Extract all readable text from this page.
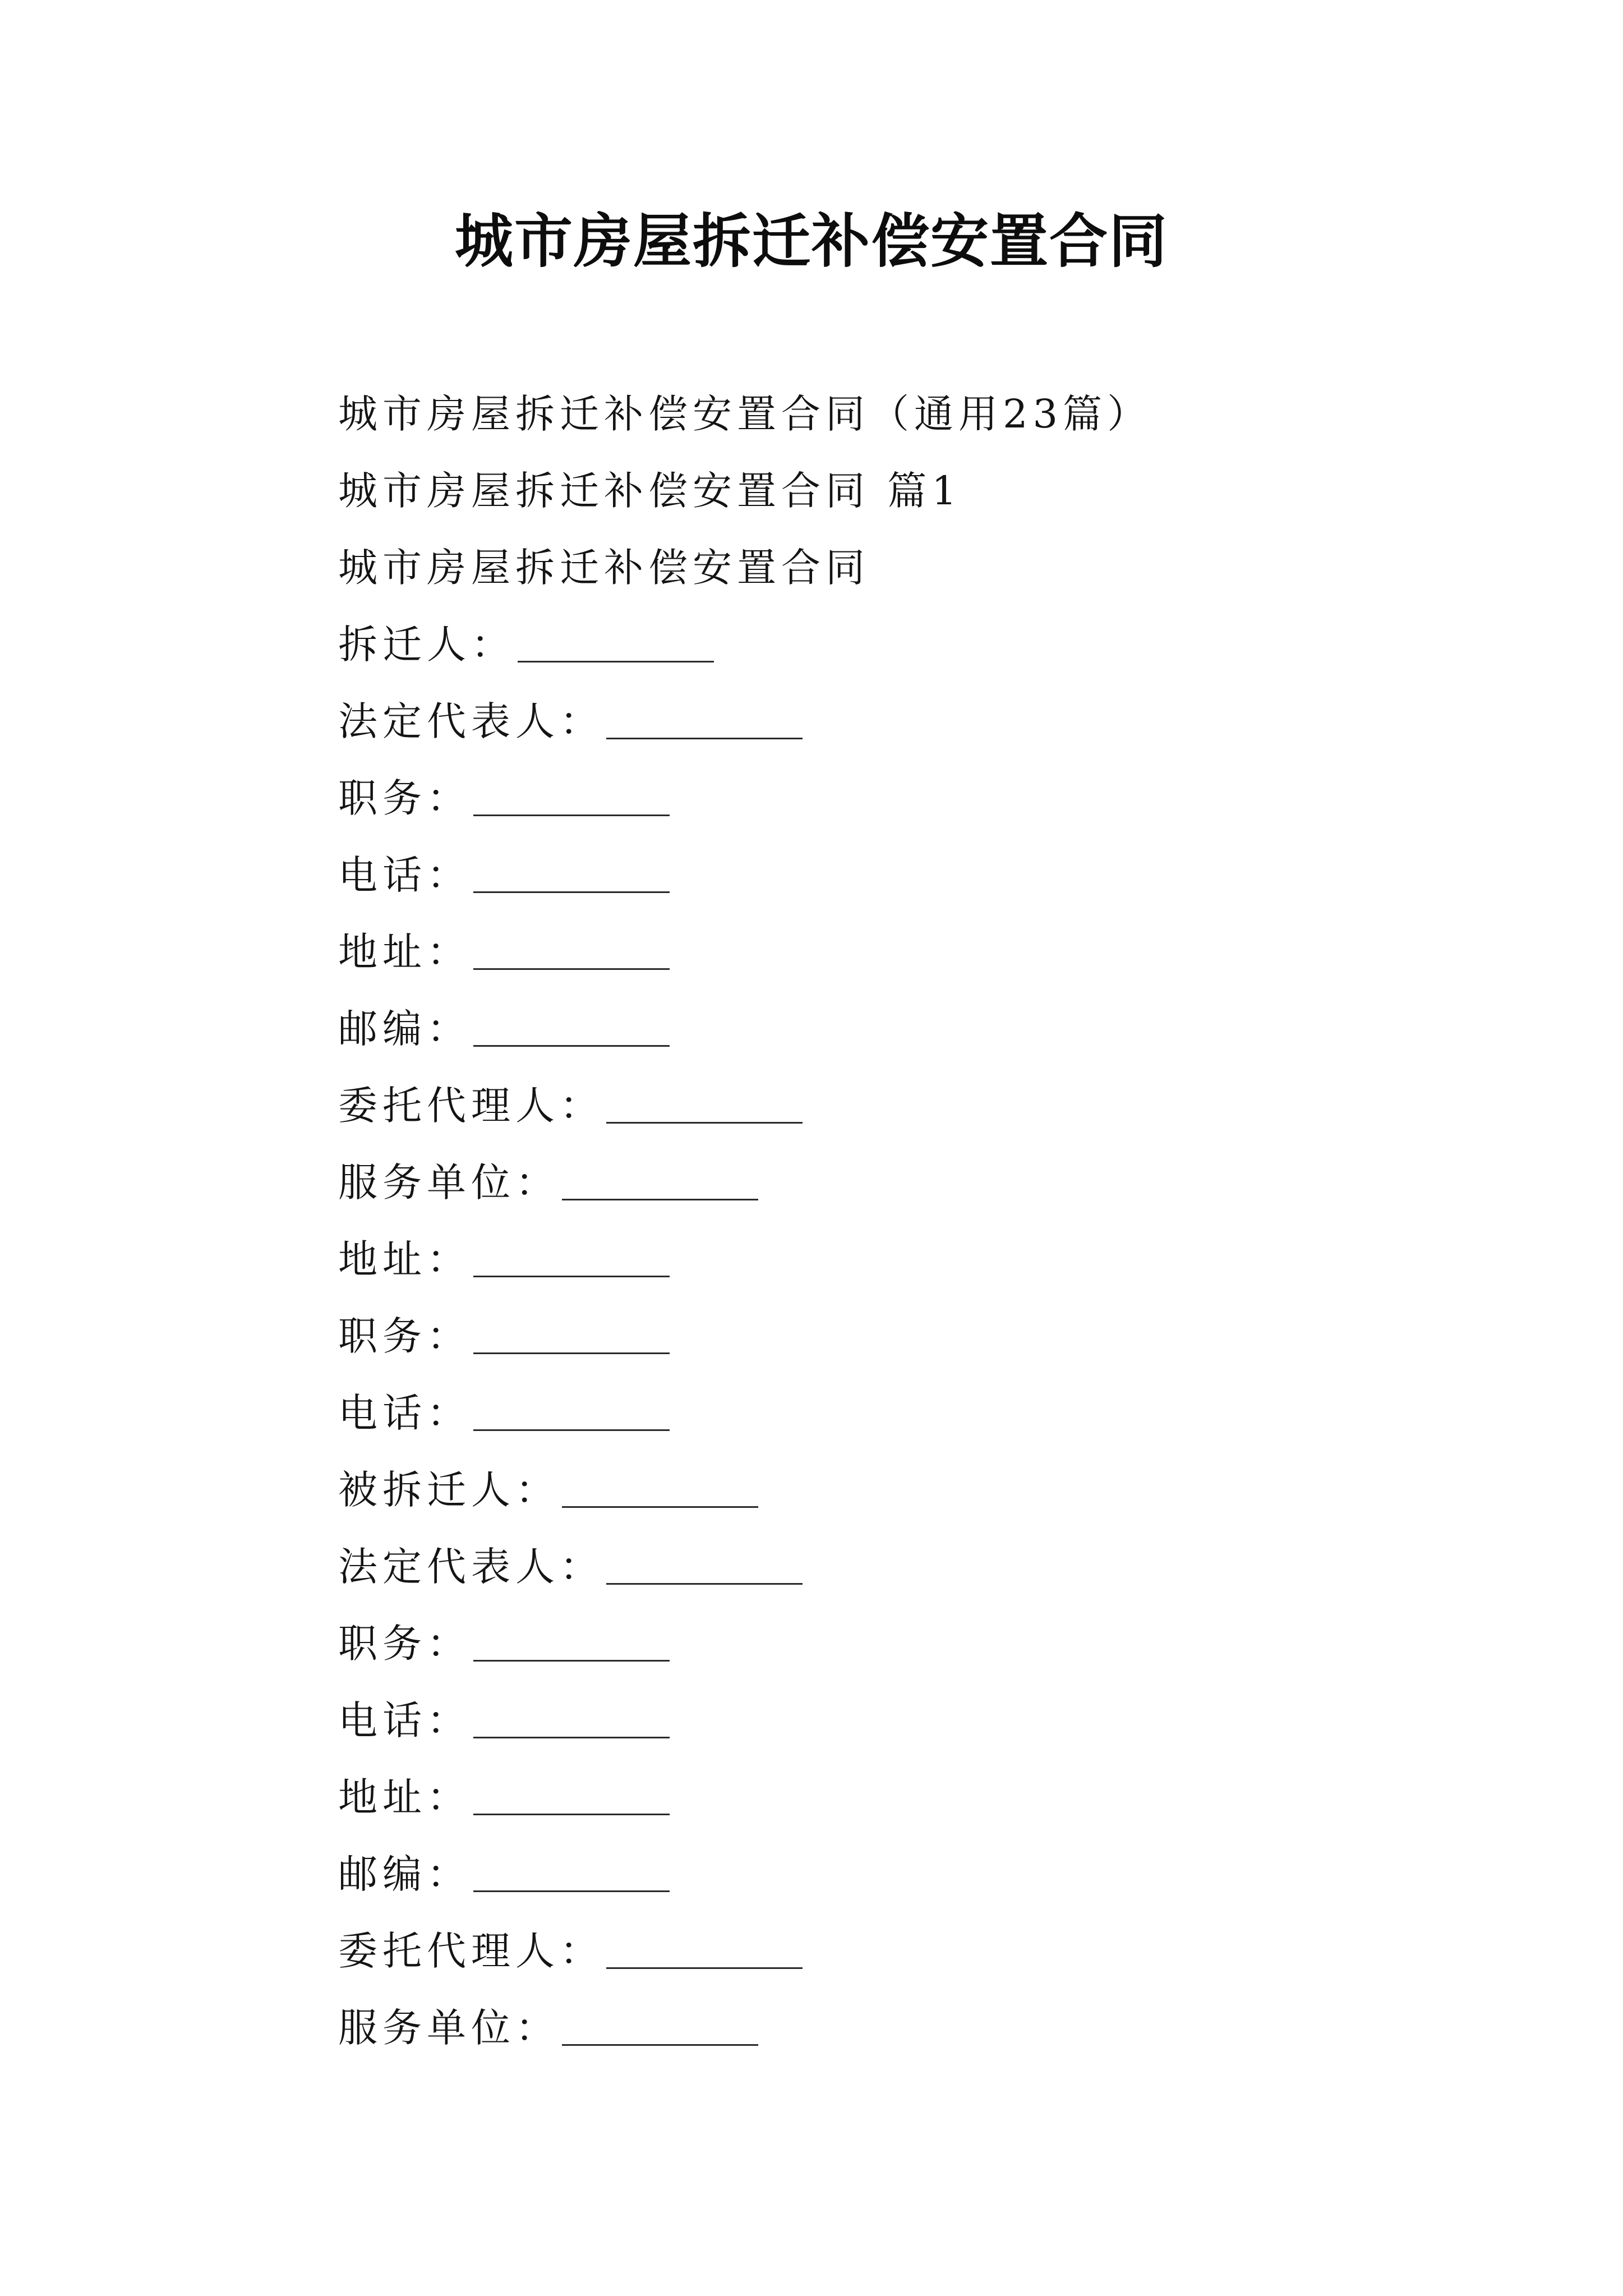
城市房屋拆迁补偿安置合同
城市房屋拆迁补偿安置合同（通用23篇）
城市房屋拆迁补偿安置合同 篇1
城市房屋拆迁补偿安置合同
拆迁人：
法定代表人：
职务：
电话：
地址：
邮编：
委托代理人：
服务单位：
地址：
职务：
电话：
被拆迁人：
法定代表人：
职务：
电话：
地址：
邮编：
委托代理人：
服务单位：
